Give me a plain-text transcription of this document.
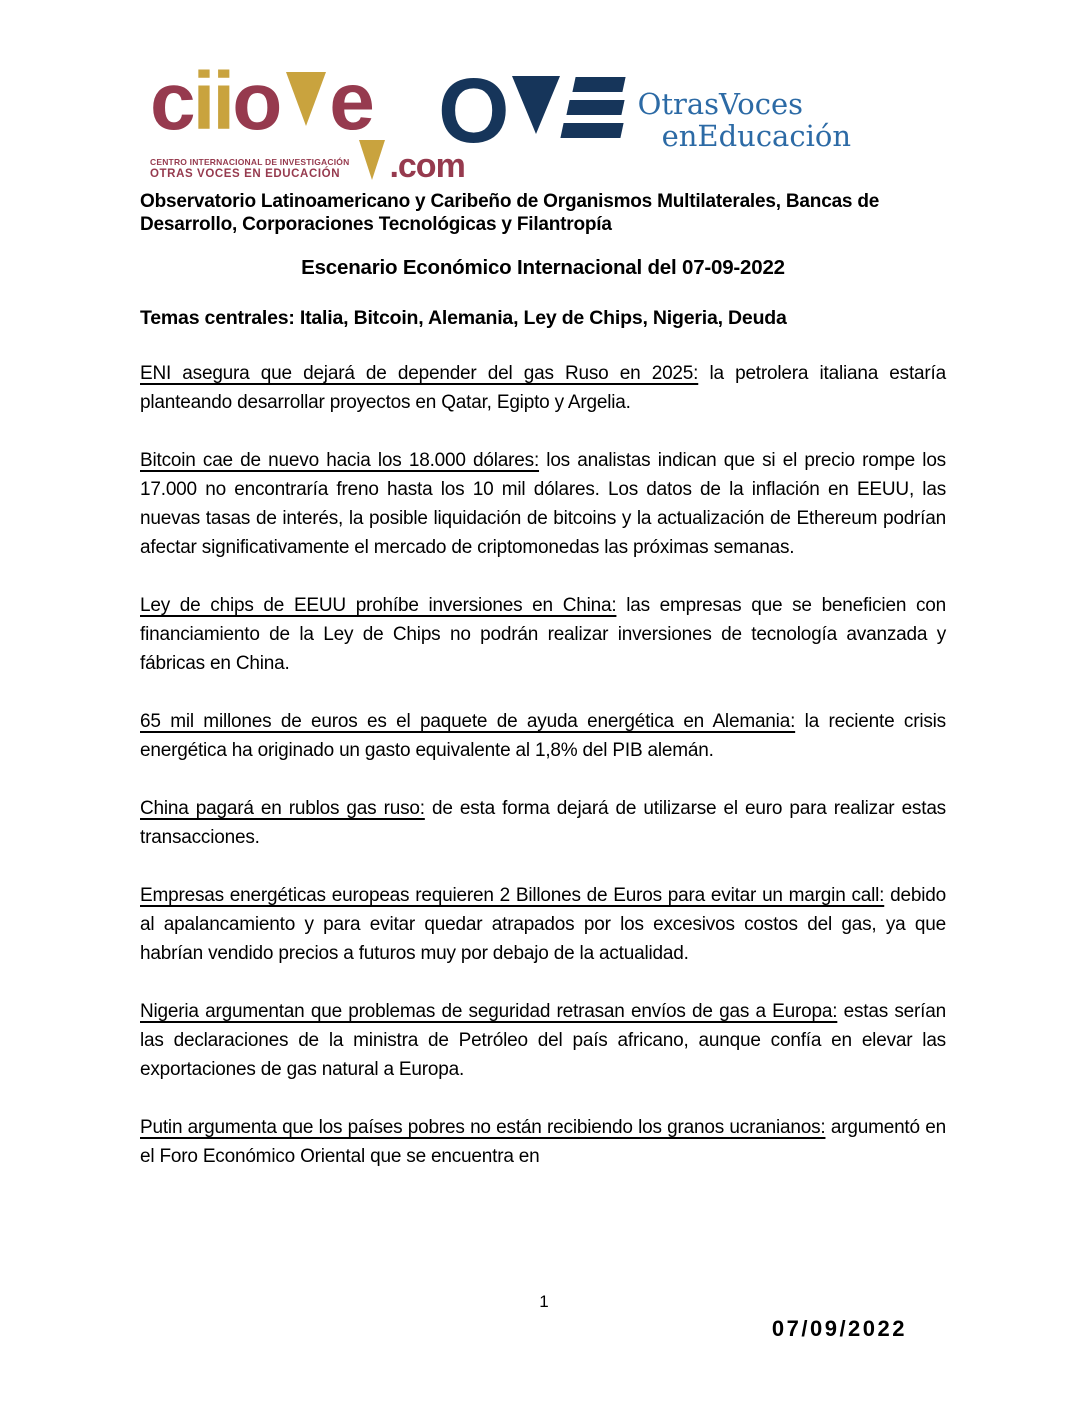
c ii o e
CENTRO INTERNACIONAL DE INVESTIGACIÓN
OTRAS VOCES EN EDUCACIÓN .com
O	OtrasVoces
enEducación

Observatorio Latinoamericano y Caribeño de Organismos Multilaterales, Bancas de Desarrollo, Corporaciones Tecnológicas y Filantropía

Escenario Económico Internacional del 07-09-2022

Temas centrales: Italia, Bitcoin, Alemania, Ley de Chips, Nigeria, Deuda

ENI asegura que dejará de depender del gas Ruso en 2025: la petrolera italiana estaría planteando desarrollar proyectos en Qatar, Egipto y Argelia.

Bitcoin cae de nuevo hacia los 18.000 dólares: los analistas indican que si el precio rompe los 17.000 no encontraría freno hasta los 10 mil dólares. Los datos de la inflación en EEUU, las nuevas tasas de interés, la posible liquidación de bitcoins y la actualización de Ethereum podrían afectar significativamente el mercado de criptomonedas las próximas semanas.

Ley de chips de EEUU prohíbe inversiones en China: las empresas que se beneficien con financiamiento de la Ley de Chips no podrán realizar inversiones de tecnología avanzada y fábricas en China.

65 mil millones de euros es el paquete de ayuda energética en Alemania: la reciente crisis energética ha originado un gasto equivalente al 1,8% del PIB alemán.

China pagará en rublos gas ruso: de esta forma dejará de utilizarse el euro para realizar estas transacciones.

Empresas energéticas europeas requieren 2 Billones de Euros para evitar un margin call: debido al apalancamiento y para evitar quedar atrapados por los excesivos costos del gas, ya que habrían vendido precios a futuros muy por debajo de la actualidad.

Nigeria argumentan que problemas de seguridad retrasan envíos de gas a Europa: estas serían las declaraciones de la ministra de Petróleo del país africano, aunque confía en elevar las exportaciones de gas natural a Europa.

Putin argumenta que los países pobres no están recibiendo los granos ucranianos: argumentó en el Foro Económico Oriental que se encuentra en

1
07/09/2022
